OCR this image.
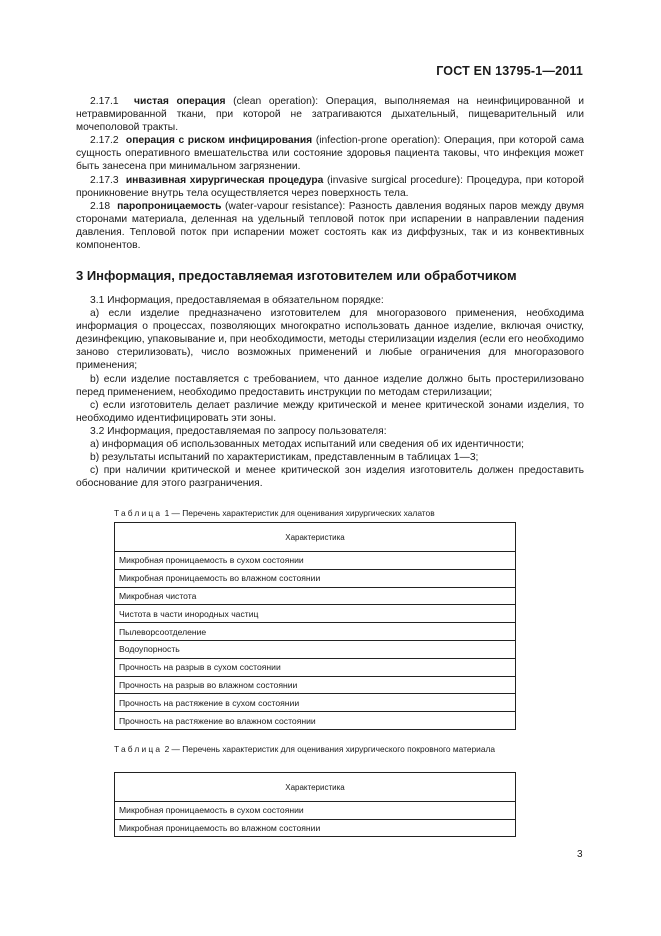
ГОСТ EN 13795-1—2011

2.17.1 чистая операция (clean operation): Операция, выполняемая на неинфицированной и нетравмированной ткани, при которой не затрагиваются дыхательный, пищеварительный или мочеполовой тракты.

2.17.2 операция с риском инфицирования (infection-prone operation): Операция, при которой сама сущность оперативного вмешательства или состояние здоровья пациента таковы, что инфекция может быть занесена при минимальном загрязнении.

2.17.3 инвазивная хирургическая процедура (invasive surgical procedure): Процедура, при которой проникновение внутрь тела осуществляется через поверхность тела.

2.18 паропроницаемость (water-vapour resistance): Разность давления водяных паров между двумя сторонами материала, деленная на удельный тепловой поток при испарении в направлении падения давления. Тепловой поток при испарении может состоять как из диффузных, так и из конвективных компонентов.

3 Информация, предоставляемая изготовителем или обработчиком

3.1 Информация, предоставляемая в обязательном порядке:

a) если изделие предназначено изготовителем для многоразового применения, необходима информация о процессах, позволяющих многократно использовать данное изделие, включая очистку, дезинфекцию, упаковывание и, при необходимости, методы стерилизации изделия (если его необходимо заново стерилизовать), число возможных применений и любые ограничения для многоразового применения;

b) если изделие поставляется с требованием, что данное изделие должно быть простерилизовано перед применением, необходимо предоставить инструкции по методам стерилизации;

c) если изготовитель делает различие между критической и менее критической зонами изделия, то необходимо идентифицировать эти зоны.

3.2 Информация, предоставляемая по запросу пользователя:

a) информация об использованных методах испытаний или сведения об их идентичности;

b) результаты испытаний по характеристикам, представленным в таблицах 1—3;

c) при наличии критической и менее критической зон изделия изготовитель должен предоставить обоснование для этого разграничения.

Таблица 1 — Перечень характеристик для оценивания хирургических халатов
Характеристика
Микробная проницаемость в сухом состоянии
Микробная проницаемость во влажном состоянии
Микробная чистота
Чистота в части инородных частиц
Пылеворсоотделение
Водоупорность
Прочность на разрыв в сухом состоянии
Прочность на разрыв во влажном состоянии
Прочность на растяжение в сухом состоянии
Прочность на растяжение во влажном состоянии
Таблица 2 — Перечень характеристик для оценивания хирургического покровного материала
Характеристика
Микробная проницаемость в сухом состоянии
Микробная проницаемость во влажном состоянии
3
